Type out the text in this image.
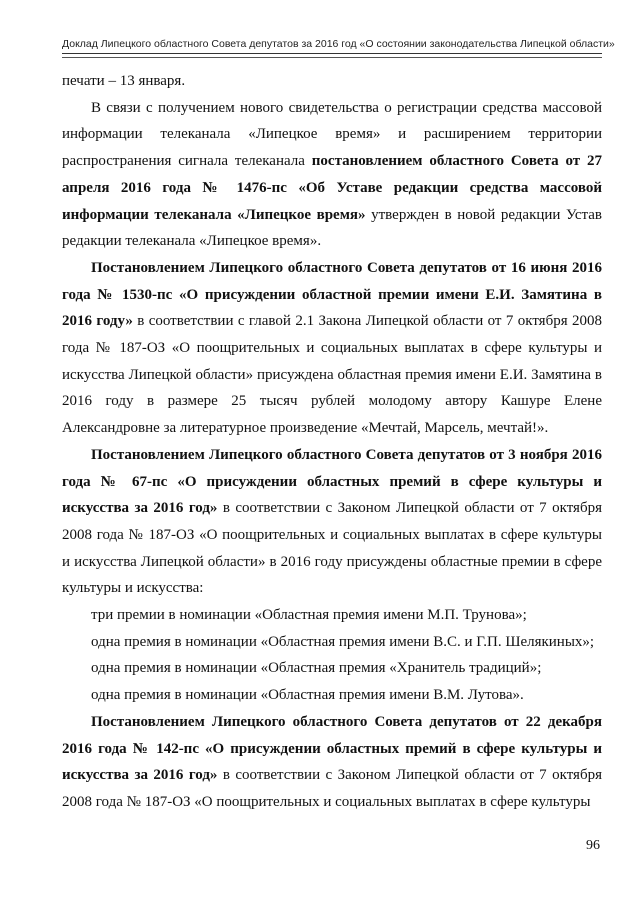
Доклад Липецкого областного Совета депутатов за 2016 год «О состоянии законодательства Липецкой области»

печати – 13 января.

В связи с получением нового свидетельства о регистрации средства массовой информации телеканала «Липецкое время» и расширением территории распространения сигнала телеканала постановлением областного Совета от 27 апреля 2016 года № 1476-пс «Об Уставе редакции средства массовой информации телеканала «Липецкое время» утвержден в новой редакции Устав редакции телеканала «Липецкое время».

Постановлением Липецкого областного Совета депутатов от 16 июня 2016 года № 1530-пс «О присуждении областной премии имени Е.И. Замятина в 2016 году» в соответствии с главой 2.1 Закона Липецкой области от 7 октября 2008 года № 187-ОЗ «О поощрительных и социальных выплатах в сфере культуры и искусства Липецкой области» присуждена областная премия имени Е.И. Замятина в 2016 году в размере 25 тысяч рублей молодому автору Кашуре Елене Александровне за литературное произведение «Мечтай, Марсель, мечтай!».

Постановлением Липецкого областного Совета депутатов от 3 ноября 2016 года № 67-пс «О присуждении областных премий в сфере культуры и искусства за 2016 год» в соответствии с Законом Липецкой области от 7 октября 2008 года № 187-ОЗ «О поощрительных и социальных выплатах в сфере культуры и искусства Липецкой области» в 2016 году присуждены областные премии в сфере культуры и искусства:

три премии в номинации «Областная премия имени М.П. Трунова»;

одна премия в номинации «Областная премия имени В.С. и Г.П. Шелякиных»;

одна премия в номинации «Областная премия «Хранитель традиций»;

одна премия в номинации «Областная премия имени В.М. Лутова».

Постановлением Липецкого областного Совета депутатов от 22 декабря 2016 года № 142-пс «О присуждении областных премий в сфере культуры и искусства за 2016 год» в соответствии с Законом Липецкой области от 7 октября 2008 года № 187-ОЗ «О поощрительных и социальных выплатах в сфере культуры

96
